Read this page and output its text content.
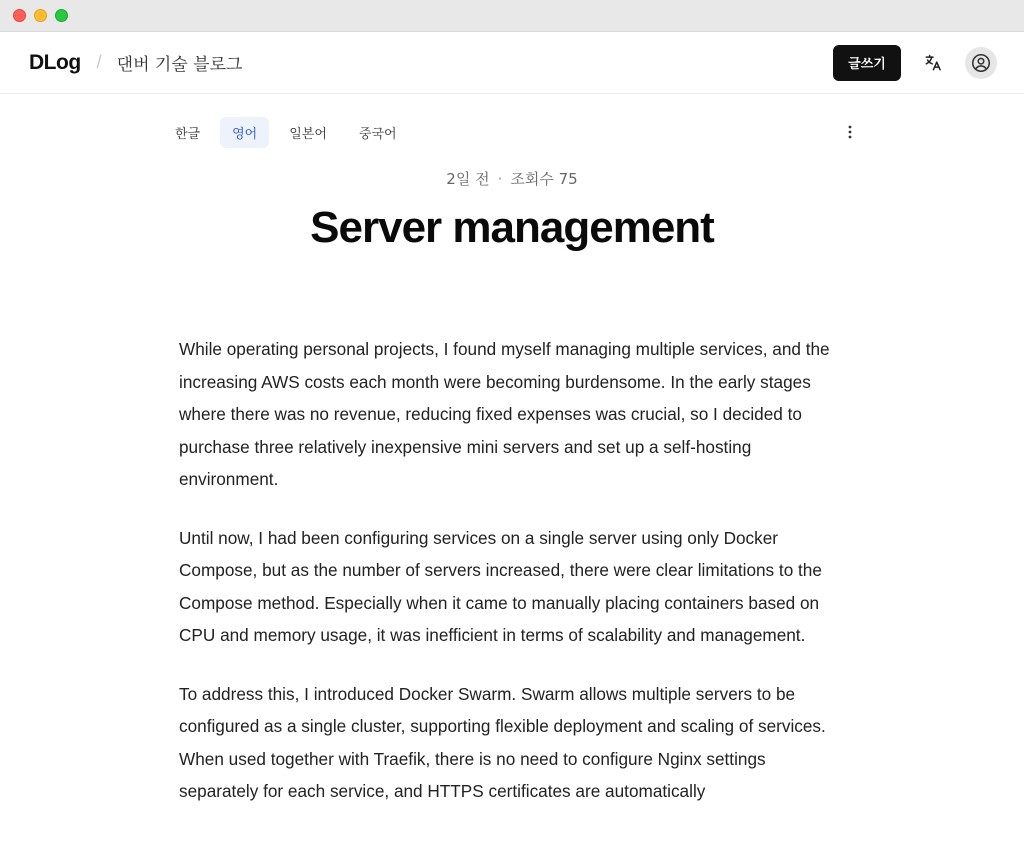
DLog / 댄버 기술 블로그	글쓰기
한글	영어	일본어	중국어
2일 전 · 조회수 75
Server management

While operating personal projects, I found myself managing multiple services, and the increasing AWS costs each month were becoming burdensome. In the early stages where there was no revenue, reducing fixed expenses was crucial, so I decided to purchase three relatively inexpensive mini servers and set up a self-hosting environment.

Until now, I had been configuring services on a single server using only Docker Compose, but as the number of servers increased, there were clear limitations to the Compose method. Especially when it came to manually placing containers based on CPU and memory usage, it was inefficient in terms of scalability and management.

To address this, I introduced Docker Swarm. Swarm allows multiple servers to be configured as a single cluster, supporting flexible deployment and scaling of services. When used together with Traefik, there is no need to configure Nginx settings separately for each service, and HTTPS certificates are automatically
